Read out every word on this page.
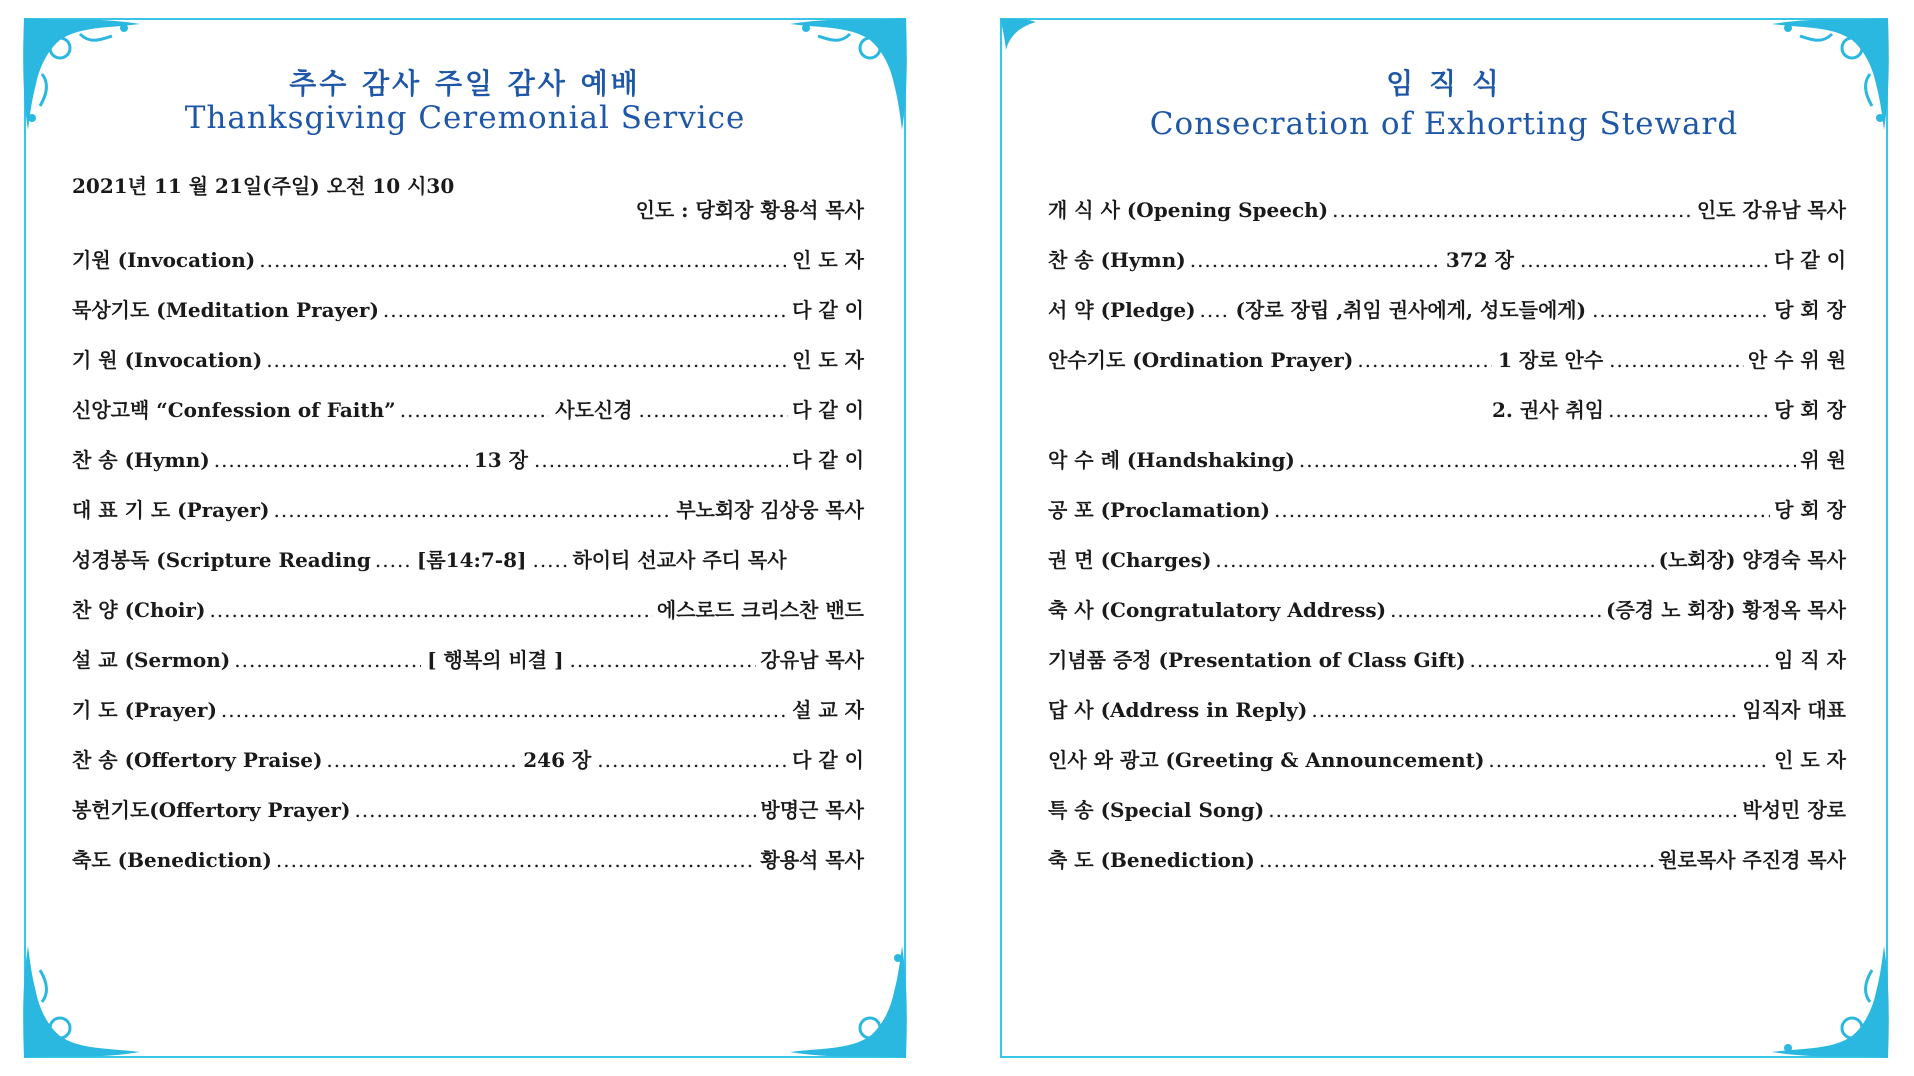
추수 감사 주일 감사 예배
Thanksgiving Ceremonial Service
2021년 11 월 21일(주일) 오전 10 시30
인도 : 당회장 황용석 목사
기원 (Invocation) .....	인 도 자
묵상기도 (Meditation Prayer) .....	다 같 이
기 원 (Invocation) .....	인 도 자
신앙고백 “Confession of Faith” .....	사도신경 .....	다 같 이
찬 송 (Hymn) .....	13 장 .....	다 같 이
대 표 기 도 (Prayer) .....	부노회장 김상웅 목사
성경봉독 (Scripture Reading ..... [롬14:7-8] ..... 하이티 선교사 주디 목사
찬 양 (Choir) .....	에스로드 크리스찬 밴드
설 교 (Sermon) .....	[ 행복의 비결 ] .....	강유남 목사
기 도 (Prayer) .....	설 교 자
찬 송 (Offertory Praise) .....	246 장 .....	다 같 이
봉헌기도(Offertory Prayer) .....	방명근 목사
축도 (Benediction) .....	황용석 목사
임 직 식
Consecration of Exhorting Steward
개 식 사 (Opening Speech) .....	인도 강유남 목사
찬 송 (Hymn) .....	372 장 .....	다 같 이
서 약 (Pledge) ..... (장로 장립 ,취임 권사에게, 성도들에게) .....	당 회 장
안수기도 (Ordination Prayer) .....	1 장로 안수 .....	안 수 위 원
2. 권사 취임 .....	당 회 장
악 수 례 (Handshaking) .....	위 원
공 포 (Proclamation) .....	당 회 장
권 면 (Charges) .....	(노회장) 양경숙 목사
축 사 (Congratulatory Address) .....	(증경 노 회장) 황정옥 목사
기념품 증정 (Presentation of Class Gift) .....	임 직 자
답 사 (Address in Reply) .....	임직자 대표
인사 와 광고 (Greeting & Announcement) .....	인 도 자
특 송 (Special Song) .....	박성민 장로
축 도 (Benediction) .....	원로목사 주진경 목사
